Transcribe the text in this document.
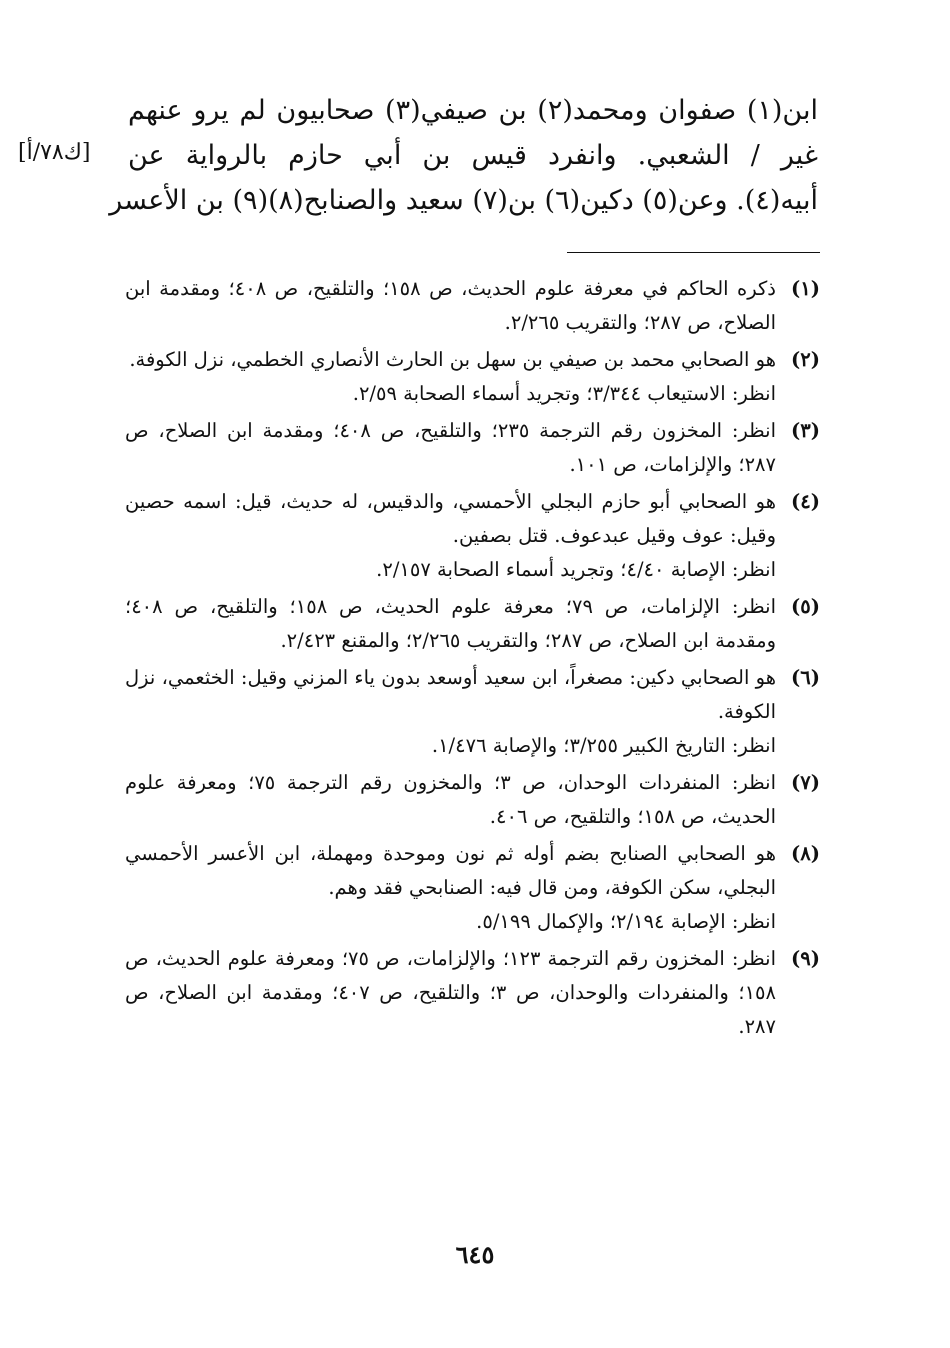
ابن(١) صفوان ومحمد(٢) بن صيفي(٣) صحابيون لم يرو عنهم
غير / الشعبي. وانفرد قيس بن أبي حازم بالرواية عن
أبيه(٤). وعن(٥) دكين(٦) بن(٧) سعيد والصنابح(٨)(٩) بن الأعسر
[ك٧٨/أ]
(١)
ذكره الحاكم في معرفة علوم الحديث، ص ١٥٨؛ والتلقيح، ص ٤٠٨؛ ومقدمة ابن الصلاح، ص ٢٨٧؛ والتقريب ٢/٢٦٥.
(٢)
هو الصحابي محمد بن صيفي بن سهل بن الحارث الأنصاري الخطمي، نزل الكوفة.
انظر: الاستيعاب ٣/٣٤٤؛ وتجريد أسماء الصحابة ٢/٥٩.
(٣)
انظر: المخزون رقم الترجمة ٢٣٥؛ والتلقيح، ص ٤٠٨؛ ومقدمة ابن الصلاح، ص ٢٨٧؛ والإلزامات، ص ١٠١.
(٤)
هو الصحابي أبو حازم البجلي الأحمسي، والدقيس، له حديث، قيل: اسمه حصين وقيل: عوف وقيل عبدعوف. قتل بصفين.
انظر: الإصابة ٤/٤٠؛ وتجريد أسماء الصحابة ٢/١٥٧.
(٥)
انظر: الإلزامات، ص ٧٩؛ معرفة علوم الحديث، ص ١٥٨؛ والتلقيح، ص ٤٠٨؛ ومقدمة ابن الصلاح، ص ٢٨٧؛ والتقريب ٢/٢٦٥؛ والمقنع ٢/٤٢٣.
(٦)
هو الصحابي دكين: مصغراً، ابن سعيد أوسعد بدون ياء المزني وقيل: الخثعمي، نزل الكوفة.
انظر: التاريخ الكبير ٣/٢٥٥؛ والإصابة ١/٤٧٦.
(٧)
انظر: المنفردات الوحدان، ص ٣؛ والمخزون رقم الترجمة ٧٥؛ ومعرفة علوم الحديث، ص ١٥٨؛ والتلقيح، ص ٤٠٦.
(٨)
هو الصحابي الصنابح بضم أوله ثم نون وموحدة ومهملة، ابن الأعسر الأحمسي البجلي، سكن الكوفة، ومن قال فيه: الصنابحي فقد وهم.
انظر: الإصابة ٢/١٩٤؛ والإكمال ٥/١٩٩.
(٩)
انظر: المخزون رقم الترجمة ١٢٣؛ والإلزامات، ص ٧٥؛ ومعرفة علوم الحديث، ص ١٥٨؛ والمنفردات والوحدان، ص ٣؛ والتلقيح، ص ٤٠٧؛ ومقدمة ابن الصلاح، ص ٢٨٧.
٦٤٥
